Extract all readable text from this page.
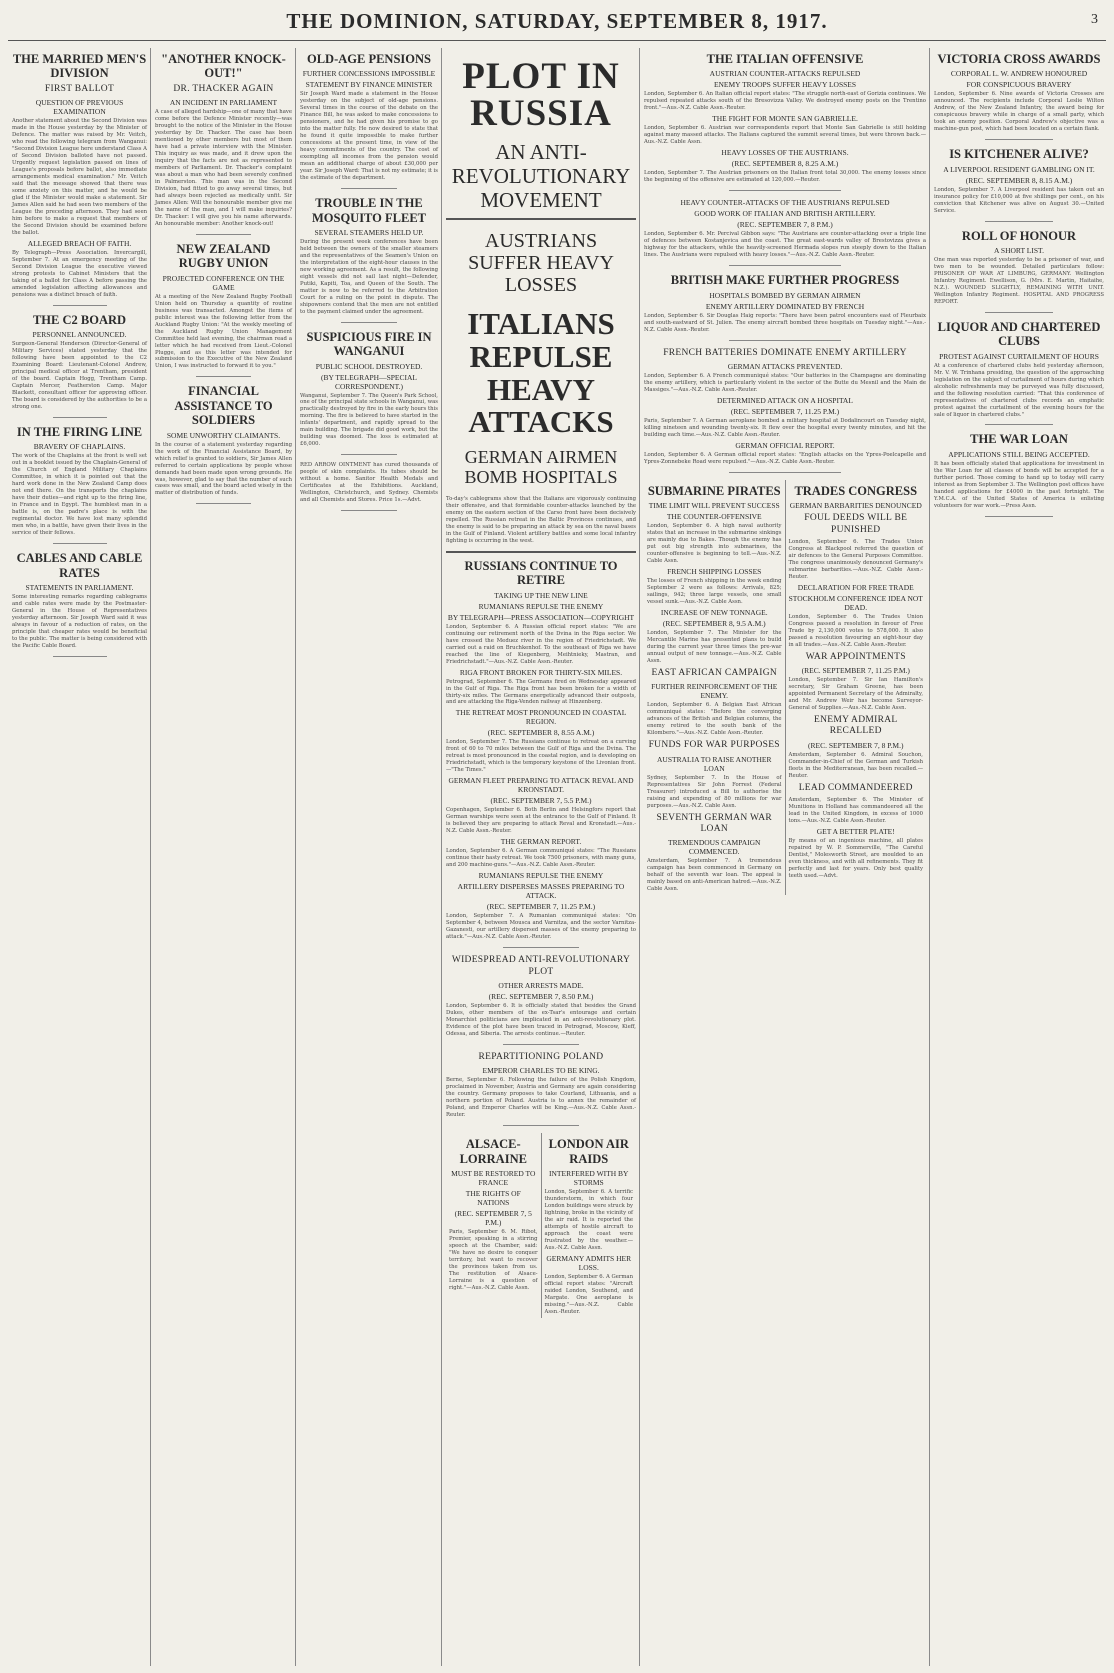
THE DOMINION, SATURDAY, SEPTEMBER 8, 1917.	3
THE MARRIED MEN'S DIVISION
FIRST BALLOT
QUESTION OF PREVIOUS EXAMINATION
Another statement about the Second Division was made in the House yesterday by the Minister of Defence. The matter was raised by Mr. Veitch, who read the following telegram from Wanganui: "Second Division League here understand Class A of Second Division balloted have not passed. Urgently request legislation passed on lines of League's proposals before ballot, also immediate arrangements medical examination." Mr. Veitch said that the message showed that there was some anxiety on this matter, and he would be glad if the Minister would make a statement. Sir James Allen said he had seen two members of the League the preceding afternoon. They had seen him before to make a request that members of the Second Division should be examined before the ballot.
ALLEGED BREACH OF FAITH.
By Telegraph—Press Association. Invercargill, September 7. At an emergency meeting of the Second Division League the executive viewed strong protests to Cabinet Ministers that the taking of a ballot for Class A before passing the amended legislation affecting allowances and pensions was a distinct breach of faith.
THE C2 BOARD
PERSONNEL ANNOUNCED.
Surgeon-General Henderson (Director-General of Military Services) stated yesterday that the following have been appointed to the C2 Examining Board: Lieutenant-Colonel Andrew, principal medical officer at Trentham, president of the board. Captain Hogg, Trentham Camp. Captain Mercer, Featherston Camp. Major Blackett, consultant officer for approving officer. The board is considered by the authorities to be a strong one.
IN THE FIRING LINE
BRAVERY OF CHAPLAINS.
The work of the Chaplains at the front is well set out in a booklet issued by the Chaplain-General of the Church of England Military Chaplains Committee, in which it is pointed out that the hard work done in the New Zealand Camp does not end there. On the transports the chaplains have their duties—and right up to the firing line, in France and in Egypt. The humblest man in a battle is, on the padre's place is with the regimental doctor. We have lost many splendid men who, in a battle, have given their lives in the service of their fellows.
CABLES AND CABLE RATES
STATEMENTS IN PARLIAMENT.
Some interesting remarks regarding cablegrams and cable rates were made by the Postmaster-General in the House of Representatives yesterday afternoon. Sir Joseph Ward said it was always in favour of a reduction of rates, on the principle that cheaper rates would be beneficial to the public. The matter is being considered with the Pacific Cable Board.
"ANOTHER KNOCK-OUT!"
DR. THACKER AGAIN
AN INCIDENT IN PARLIAMENT
A case of alleged hardship—one of many that have come before the Defence Minister recently—was brought to the notice of the Minister in the House yesterday by Dr. Thacker. The case has been mentioned by other members but most of them have had a private interview with the Minister. This inquiry as was made, and it drew upon the inquiry that the facts are not as represented to members of Parliament. Dr. Thacker's complaint was about a man who had been severely confined in Palmerston. This man was in the Second Division, had fitted to go away several times, but had always been rejected as medically unfit. Sir James Allen: Will the honourable member give me the name of the man, and I will make inquiries? Dr. Thacker: I will give you his name afterwards. An honourable member: Another knock-out!
NEW ZEALAND RUGBY UNION
PROJECTED CONFERENCE ON THE GAME
At a meeting of the New Zealand Rugby Football Union held on Thursday a quantity of routine business was transacted. Amongst the items of public interest was the following letter from the Auckland Rugby Union: "At the weekly meeting of the Auckland Rugby Union Management Committee held last evening, the chairman read a letter which he had received from Lieut.-Colonel Plugge, and as this letter was intended for submission to the Executive of the New Zealand Union, I was instructed to forward it to you."
FINANCIAL ASSISTANCE TO SOLDIERS
SOME UNWORTHY CLAIMANTS.
In the course of a statement yesterday regarding the work of the Financial Assistance Board, by which relief is granted to soldiers, Sir James Allen referred to certain applications by people whose demands had been made upon wrong grounds. He was, however, glad to say that the number of such cases was small, and the board acted wisely in the matter of distribution of funds.
OLD-AGE PENSIONS
FURTHER CONCESSIONS IMPOSSIBLE
STATEMENT BY FINANCE MINISTER
Sir Joseph Ward made a statement in the House yesterday on the subject of old-age pensions. Several times in the course of the debate on the Finance Bill, he was asked to make concessions to pensioners, and he had given his promise to go into the matter fully. He now desired to state that he found it quite impossible to make further concessions at the present time, in view of the heavy commitments of the country. The cost of exempting all incomes from the pension would mean an additional charge of about £30,000 per year. Sir Joseph Ward: That is not my estimate; it is the estimate of the department.
TROUBLE IN THE MOSQUITO FLEET
SEVERAL STEAMERS HELD UP.
During the present week conferences have been held between the owners of the smaller steamers and the representatives of the Seamen's Union on the interpretation of the eight-hour clauses in the new working agreement. As a result, the following eight vessels did not sail last night—Defender, Putiki, Kapiti, Toa, and Queen of the South. The matter is now to be referred to the Arbitration Court for a ruling on the point in dispute. The shipowners contend that the men are not entitled to the payment claimed under the agreement.
SUSPICIOUS FIRE IN WANGANUI
PUBLIC SCHOOL DESTROYED.
(BY TELEGRAPH—SPECIAL CORRESPONDENT.)
Wanganui, September 7. The Queen's Park School, one of the principal state schools in Wanganui, was practically destroyed by fire in the early hours this morning. The fire is believed to have started in the infants' department, and rapidly spread to the main building. The brigade did good work, but the building was doomed. The loss is estimated at £6,000.
RED ARROW OINTMENT has cured thousands of people of skin complaints. Its tubes should be without a home. Sanitor Health Medals and Certificates at the Exhibitions. Auckland, Wellington, Christchurch, and Sydney. Chemists and all Chemists and Stores. Price 1s.—Advt.
PLOT IN RUSSIA
AN ANTI-REVOLUTIONARY MOVEMENT
AUSTRIANS SUFFER HEAVY LOSSES
ITALIANS REPULSE HEAVY ATTACKS
GERMAN AIRMEN BOMB HOSPITALS
To-day's cablegrams show that the Italians are vigorously continuing their offensive, and that formidable counter-attacks launched by the enemy on the eastern section of the Carso front have been decisively repelled. The Russian retreat in the Baltic Provinces continues, and the enemy is said to be preparing an attack by sea on the naval bases in the Gulf of Finland. Violent artillery battles and some local infantry fighting is occurring in the west.
RUSSIANS CONTINUE TO RETIRE
TAKING UP THE NEW LINE
RUMANIANS REPULSE THE ENEMY
BY TELEGRAPH—PRESS ASSOCIATION—COPYRIGHT
London, September 6. A Russian official report states: "We are continuing our retirement north of the Dvina in the Riga sector. We have crossed the Meduez river in the region of Friedrichstadt. We carried out a raid on Bruchkenhof. To the southeast of Riga we have reached the line of Kiegenberg, Meihtnieky, Mastran, and Friedrichstadt."—Aus.-N.Z. Cable Assn.-Reuter.
RIGA FRONT BROKEN FOR THIRTY-SIX MILES.
Petrograd, September 6. The Germans fired on Wednesday appeared in the Gulf of Riga. The Riga front has been broken for a width of thirty-six miles. The Germans energetically advanced their outposts, and are attacking the Riga-Venden railway at Hinzenberg.
THE RETREAT MOST PRONOUNCED IN COASTAL REGION.
(REC. SEPTEMBER 8, 8.55 A.M.)
London, September 7. The Russians continue to retreat on a curving front of 60 to 70 miles between the Gulf of Riga and the Dvina. The retreat is most pronounced in the coastal region, and is developing on Friedrichstadt, which is the temporary keystone of the Livonian front.—"The Times."
GERMAN FLEET PREPARING TO ATTACK REVAL AND KRONSTADT.
(REC. SEPTEMBER 7, 5.5 P.M.)
Copenhagen, September 6. Both Berlin and Helsingfors report that German warships were seen at the entrance to the Gulf of Finland. It is believed they are preparing to attack Reval and Kronstadt.—Aus.-N.Z. Cable Assn.-Reuter.
THE GERMAN REPORT.
London, September 6. A German communiqué states: "The Russians continue their hasty retreat. We took 7500 prisoners, with many guns, and 200 machine-guns."—Aus.-N.Z. Cable Assn.-Reuter.
RUMANIANS REPULSE THE ENEMY
ARTILLERY DISPERSES MASSES PREPARING TO ATTACK.
(REC. SEPTEMBER 7, 11.25 P.M.)
London, September 7. A Rumanian communiqué states: "On September 4, between Mousca and Varnitza, and the sector Varnitza-Gazanesti, our artillery dispersed masses of the enemy preparing to attack."—Aus.-N.Z. Cable Assn.-Reuter.
WIDESPREAD ANTI-REVOLUTIONARY PLOT
OTHER ARRESTS MADE.
(REC. SEPTEMBER 7, 8.50 P.M.)
London, September 6. It is officially stated that besides the Grand Dukes, other members of the ex-Tsar's entourage and certain Monarchist politicians are implicated in an anti-revolutionary plot. Evidence of the plot have been traced in Petrograd, Moscow, Kieff, Odessa, and Siberia. The arrests continue.—Reuter.
REPARTITIONING POLAND
EMPEROR CHARLES TO BE KING.
Berne, September 6. Following the failure of the Polish Kingdom, proclaimed in November, Austria and Germany are again considering the country. Germany proposes to take Courland, Lithuania, and a northern portion of Poland. Austria is to annex the remainder of Poland, and Emperor Charles will be King.—Aus.-N.Z. Cable Assn.-Reuter.
ALSACE-LORRAINE
MUST BE RESTORED TO FRANCE
THE RIGHTS OF NATIONS
(REC. SEPTEMBER 7, 5 P.M.)
Paris, September 6. M. Ribot, Premier, speaking in a stirring speech at the Chamber, said: "We have no desire to conquer territory, but want to recover the provinces taken from us. The restitution of Alsace-Lorraine is a question of right."—Aus.-N.Z. Cable Assn.
LONDON AIR RAIDS
INTERFERED WITH BY STORMS
London, September 6. A terrific thunderstorm, in which four London buildings were struck by lightning, broke in the vicinity of the air raid. It is reported the attempts of hostile aircraft to approach the coast were frustrated by the weather.—Aus.-N.Z. Cable Assn.
GERMANY ADMITS HER LOSS.
London, September 6. A German official report states: "Aircraft raided London, Southend, and Margate. One aeroplane is missing."—Aus.-N.Z. Cable Assn.-Reuter.
THE ITALIAN OFFENSIVE
AUSTRIAN COUNTER-ATTACKS REPULSED
ENEMY TROOPS SUFFER HEAVY LOSSES
London, September 6. An Italian official report states: "The struggle north-east of Gorizia continues. We repulsed repeated attacks south of the Bresovizza Valley. We destroyed enemy posts on the Trentino front."—Aus.-N.Z. Cable Assn.-Reuter.
THE FIGHT FOR MONTE SAN GABRIELLE.
London, September 6. Austrian war correspondents report that Monte San Gabrielle is still holding against many massed attacks. The Italians captured the summit several times, but were thrown back.—Aus.-N.Z. Cable Assn.
HEAVY LOSSES OF THE AUSTRIANS.
(REC. SEPTEMBER 8, 8.25 A.M.)
London, September 7. The Austrian prisoners on the Italian front total 30,000. The enemy losses since the beginning of the offensive are estimated at 120,000.—Reuter.
HEAVY COUNTER-ATTACKS OF THE AUSTRIANS REPULSED
GOOD WORK OF ITALIAN AND BRITISH ARTILLERY.
(REC. SEPTEMBER 7, 8 P.M.)
London, September 6. Mr. Percival Gibbon says: "The Austrians are counter-attacking over a triple line of defences between Kostanjevica and the coast. The great east-wards valley of Brestovizza gives a highway for the attackers, while the heavily-screened Hermada slopes run steeply down to the Italian lines. The Austrians were repulsed with heavy losses."—Aus.-N.Z. Cable Assn.-Reuter.
BRITISH MAKE FURTHER PROGRESS
HOSPITALS BOMBED BY GERMAN AIRMEN
ENEMY ARTILLERY DOMINATED BY FRENCH
London, September 6. Sir Douglas Haig reports: "There have been patrol encounters east of Fleurbaix and south-eastward of St. Julien. The enemy aircraft bombed three hospitals on Tuesday night."—Aus.-N.Z. Cable Assn.-Reuter.
FRENCH BATTERIES DOMINATE ENEMY ARTILLERY
GERMAN ATTACKS PREVENTED.
London, September 6. A French communiqué states: "Our batteries in the Champagne are dominating the enemy artillery, which is particularly violent in the sector of the Butte du Mesnil and the Main de Massiges."—Aus.-N.Z. Cable Assn.-Reuter.
DETERMINED ATTACK ON A HOSPITAL
(REC. SEPTEMBER 7, 11.25 P.M.)
Paris, September 7. A German aeroplane bombed a military hospital at Dodalincourt on Tuesday night, killing nineteen and wounding twenty-six. It flew over the hospital every twenty minutes, and hit the building each time.—Aus.-N.Z. Cable Assn.-Reuter.
GERMAN OFFICIAL REPORT.
London, September 6. A German official report states: "English attacks on the Ypres-Poelcapelle and Ypres-Zonnebeke Road were repulsed."—Aus.-N.Z. Cable Assn.-Reuter.
SUBMARINE PIRATES
TIME LIMIT WILL PREVENT SUCCESS
THE COUNTER-OFFENSIVE
London, September 6. A high naval authority states that an increase in the submarine sinkings are mainly due to Bakes. Though the enemy has put out big strength into submarines, the counter-offensive is beginning to tell.—Aus.-N.Z. Cable Assn.
FRENCH SHIPPING LOSSES
The losses of French shipping in the week ending September 2 were as follows: Arrivals, 825; sailings, 942; three large vessels, one small vessel sunk.—Aus.-N.Z. Cable Assn.
INCREASE OF NEW TONNAGE.
(REC. SEPTEMBER 8, 9.5 A.M.)
London, September 7. The Minister for the Mercantile Marine has presented plans to build during the current year three times the pre-war annual output of new tonnage.—Aus.-N.Z. Cable Assn.
EAST AFRICAN CAMPAIGN
FURTHER REINFORCEMENT OF THE ENEMY.
London, September 6. A Belgian East African communiqué states: "Before the converging advances of the British and Belgian columns, the enemy retired to the south bank of the Kilombero."—Aus.-N.Z. Cable Assn.-Reuter.
FUNDS FOR WAR PURPOSES
AUSTRALIA TO RAISE ANOTHER LOAN
Sydney, September 7. In the House of Representatives Sir John Forrest (Federal Treasurer) introduced a Bill to authorise the raising and expending of 80 millions for war purposes.—Aus.-N.Z. Cable Assn.
SEVENTH GERMAN WAR LOAN
TREMENDOUS CAMPAIGN COMMENCED.
Amsterdam, September 7. A tremendous campaign has been commenced in Germany on behalf of the seventh war loan. The appeal is mainly based on anti-American hatred.—Aus.-N.Z. Cable Assn.
TRADES CONGRESS
GERMAN BARBARITIES DENOUNCED
FOUL DEEDS WILL BE PUNISHED
London, September 6. The Trades Union Congress at Blackpool referred the question of air defences to the General Purposes Committee. The congress unanimously denounced Germany's submarine barbarities.—Aus.-N.Z. Cable Assn.-Reuter.
DECLARATION FOR FREE TRADE
STOCKHOLM CONFERENCE IDEA NOT DEAD.
London, September 6. The Trades Union Congress passed a resolution in favour of Free Trade by 2,130,000 votes to 578,000. It also passed a resolution favouring an eight-hour day in all trades.—Aus.-N.Z. Cable Assn.-Reuter.
WAR APPOINTMENTS
(REC. SEPTEMBER 7, 11.25 P.M.)
London, September 7. Sir Ian Hamilton's secretary, Sir Graham Greene, has been appointed Permanent Secretary of the Admiralty, and Mr. Andrew Weir has become Surveyor-General of Supplies.—Aus.-N.Z. Cable Assn.
ENEMY ADMIRAL RECALLED
(REC. SEPTEMBER 7, 8 P.M.)
Amsterdam, September 6. Admiral Souchon, Commander-in-Chief of the German and Turkish fleets in the Mediterranean, has been recalled.—Reuter.
LEAD COMMANDEERED
Amsterdam, September 6. The Minister of Munitions in Holland has commandeered all the lead in the United Kingdom, in excess of 1000 tons.—Aus.-N.Z. Cable Assn.-Reuter.
GET A BETTER PLATE!
By means of an ingenious machine, all plates repaired by W. P. Sommerville, "The Careful Dentist," Molesworth Street, are moulded to an even thickness, and with all refinements. They fit perfectly and last for years. Only best quality teeth used.—Advt.
VICTORIA CROSS AWARDS
CORPORAL L. W. ANDREW HONOURED
FOR CONSPICUOUS BRAVERY
London, September 6. Nine awards of Victoria Crosses are announced. The recipients include Corporal Leslie Wilton Andrew, of the New Zealand Infantry, the award being for conspicuous bravery while in charge of a small party, which took an enemy position. Corporal Andrew's objective was a machine-gun post, which had been located on a certain flank.
IS KITCHENER ALIVE?
A LIVERPOOL RESIDENT GAMBLING ON IT.
(REC. SEPTEMBER 8, 8.15 A.M.)
London, September 7. A Liverpool resident has taken out an insurance policy for £10,000 at five shillings per cent., on his conviction that Kitchener was alive on August 30.—United Service.
ROLL OF HONOUR
A SHORT LIST.
One man was reported yesterday to be a prisoner of war, and two men to be wounded. Detailed particulars follow: PRISONER OF WAR AT LIMBURG, GERMANY. Wellington Infantry Regiment. Ewellison, G. (Mrs. E. Martin, Haitaihe, N.Z.). WOUNDED SLIGHTLY, REMAINING WITH UNIT. Wellington Infantry Regiment. HOSPITAL AND PROGRESS REPORT.
LIQUOR AND CHARTERED CLUBS
PROTEST AGAINST CURTAILMENT OF HOURS
At a conference of chartered clubs held yesterday afternoon, Mr. V. W. Trinhana presiding, the question of the approaching legislation on the subject of curtailment of hours during which alcoholic refreshments may be purveyed was fully discussed, and the following resolution carried: "That this conference of representatives of chartered clubs records an emphatic protest against the curtailment of the evening hours for the sale of liquor in chartered clubs."
THE WAR LOAN
APPLICATIONS STILL BEING ACCEPTED.
It has been officially stated that applications for investment in the War Loan for all classes of bonds will be accepted for a further period. Those coming to hand up to today will carry interest as from September 3. The Wellington post offices have handed applications for £4000 in the past fortnight. The Y.M.C.A. of the United States of America is enlisting volunteers for war work.—Press Assn.
